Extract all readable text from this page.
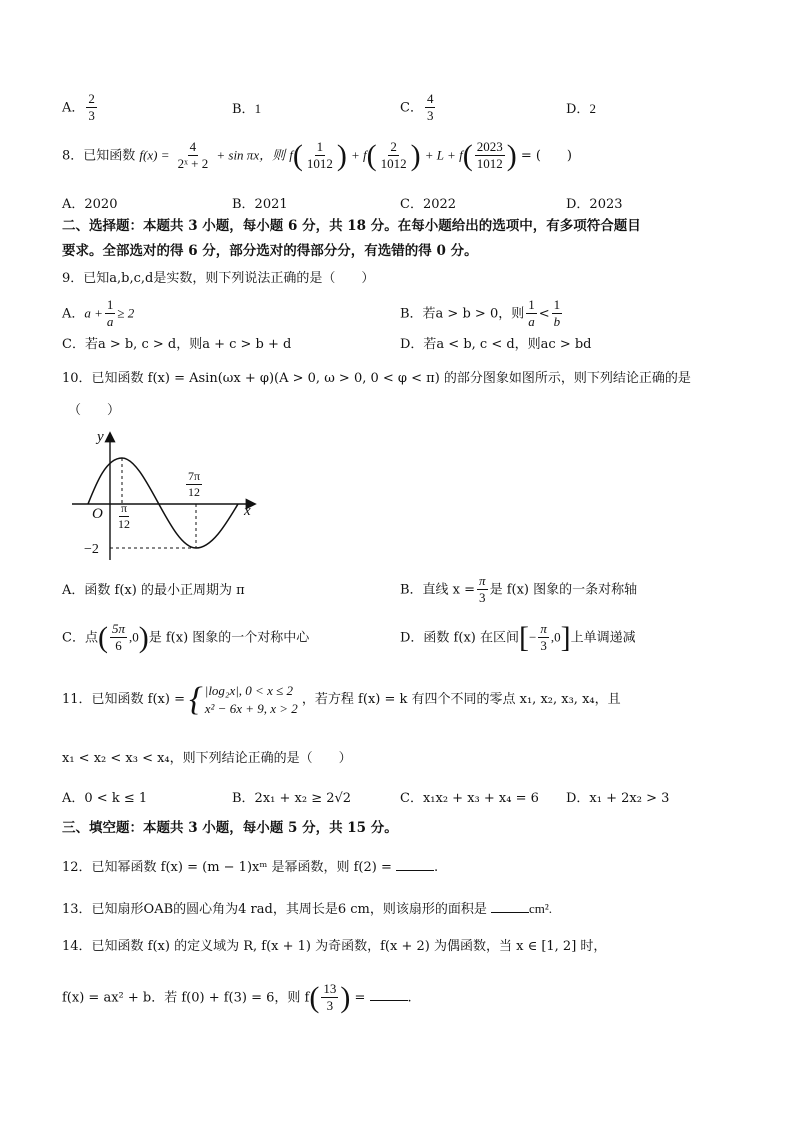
A． $\frac{2}{3}$	B．1	C． $\frac{4}{3}$	D．2
8．已知函数 $f(x) = \frac{4}{\text{2ˣ + 2}} + \sin \pi x$，则 $f( \frac{1}{1012}$ ) + $f( \frac{2}{1012}$ ) + $L + f( \frac{2023}{1012}$ ) = (　　)
A．2020	B．2021	C．2022	D．2023
二、选择题：本题共 3 小题，每小题 6 分，共 18 分。在每小题给出的选项中，有多项符合题目
要求。全部选对的得 6 分，部分选对的得部分分，有选错的得 0 分。
9．已知a,b,c,d是实数，则下列说法正确的是（　　）
A．$a + \frac{1}{a} \ge 2$	B．若a > b > 0，则 $\frac{1}{a} < \frac{1}{b}$
C．若a > b, c > d，则a + c > b + d	D．若a < b, c < d，则ac > bd
10．已知函数 f(x) = Asin(ωx + φ)(A > 0, ω > 0, 0 < φ < π) 的部分图象如图所示，则下列结论正确的是
（　　）
y
x
O $\frac{\pi}{12}$
$\frac{7\pi}{12}$
−2
A．函数 f(x) 的最小正周期为 π	B．直线 $x = \frac{\pi}{3}$ 是 f(x) 图象的一条对称轴
C．点( $\frac{5\pi}{6} ,0$)是 f(x) 图象的一个对称中心	D．函数 f(x) 在区间[− $\frac{\pi}{3} ,0$]上单调递减
11．已知函数 f(x) = { |log₂x|, 0 < x ≤ 2
x² − 6x + 9, x > 2
，若方程 f(x) = k 有四个不同的零点 x₁, x₂, x₃, x₄，且
x₁ < x₂ < x₃ < x₄，则下列结论正确的是（　　）
A．0 < k ≤ 1	B．2x₁ + x₂ ≥ 2√2	C．x₁x₂ + x₃ + x₄ = 6 D．x₁ + 2x₂ > 3
三、填空题：本题共 3 小题，每小题 5 分，共 15 分。
12．已知幂函数 f(x) = (m − 1)xᵐ 是幂函数，则 f(2) =	.
13．已知扇形OAB的圆心角为4 rad，其周长是6 cm，则该扇形的面积是	cm².
14．已知函数 f(x) 的定义域为 R, f(x + 1) 为奇函数，f(x + 2) 为偶函数，当 x ∈ [1, 2] 时，
f(x) = ax² + b．若 f(0) + f(3) = 6，则 $f( \frac{13}{3}$ ) =	.
